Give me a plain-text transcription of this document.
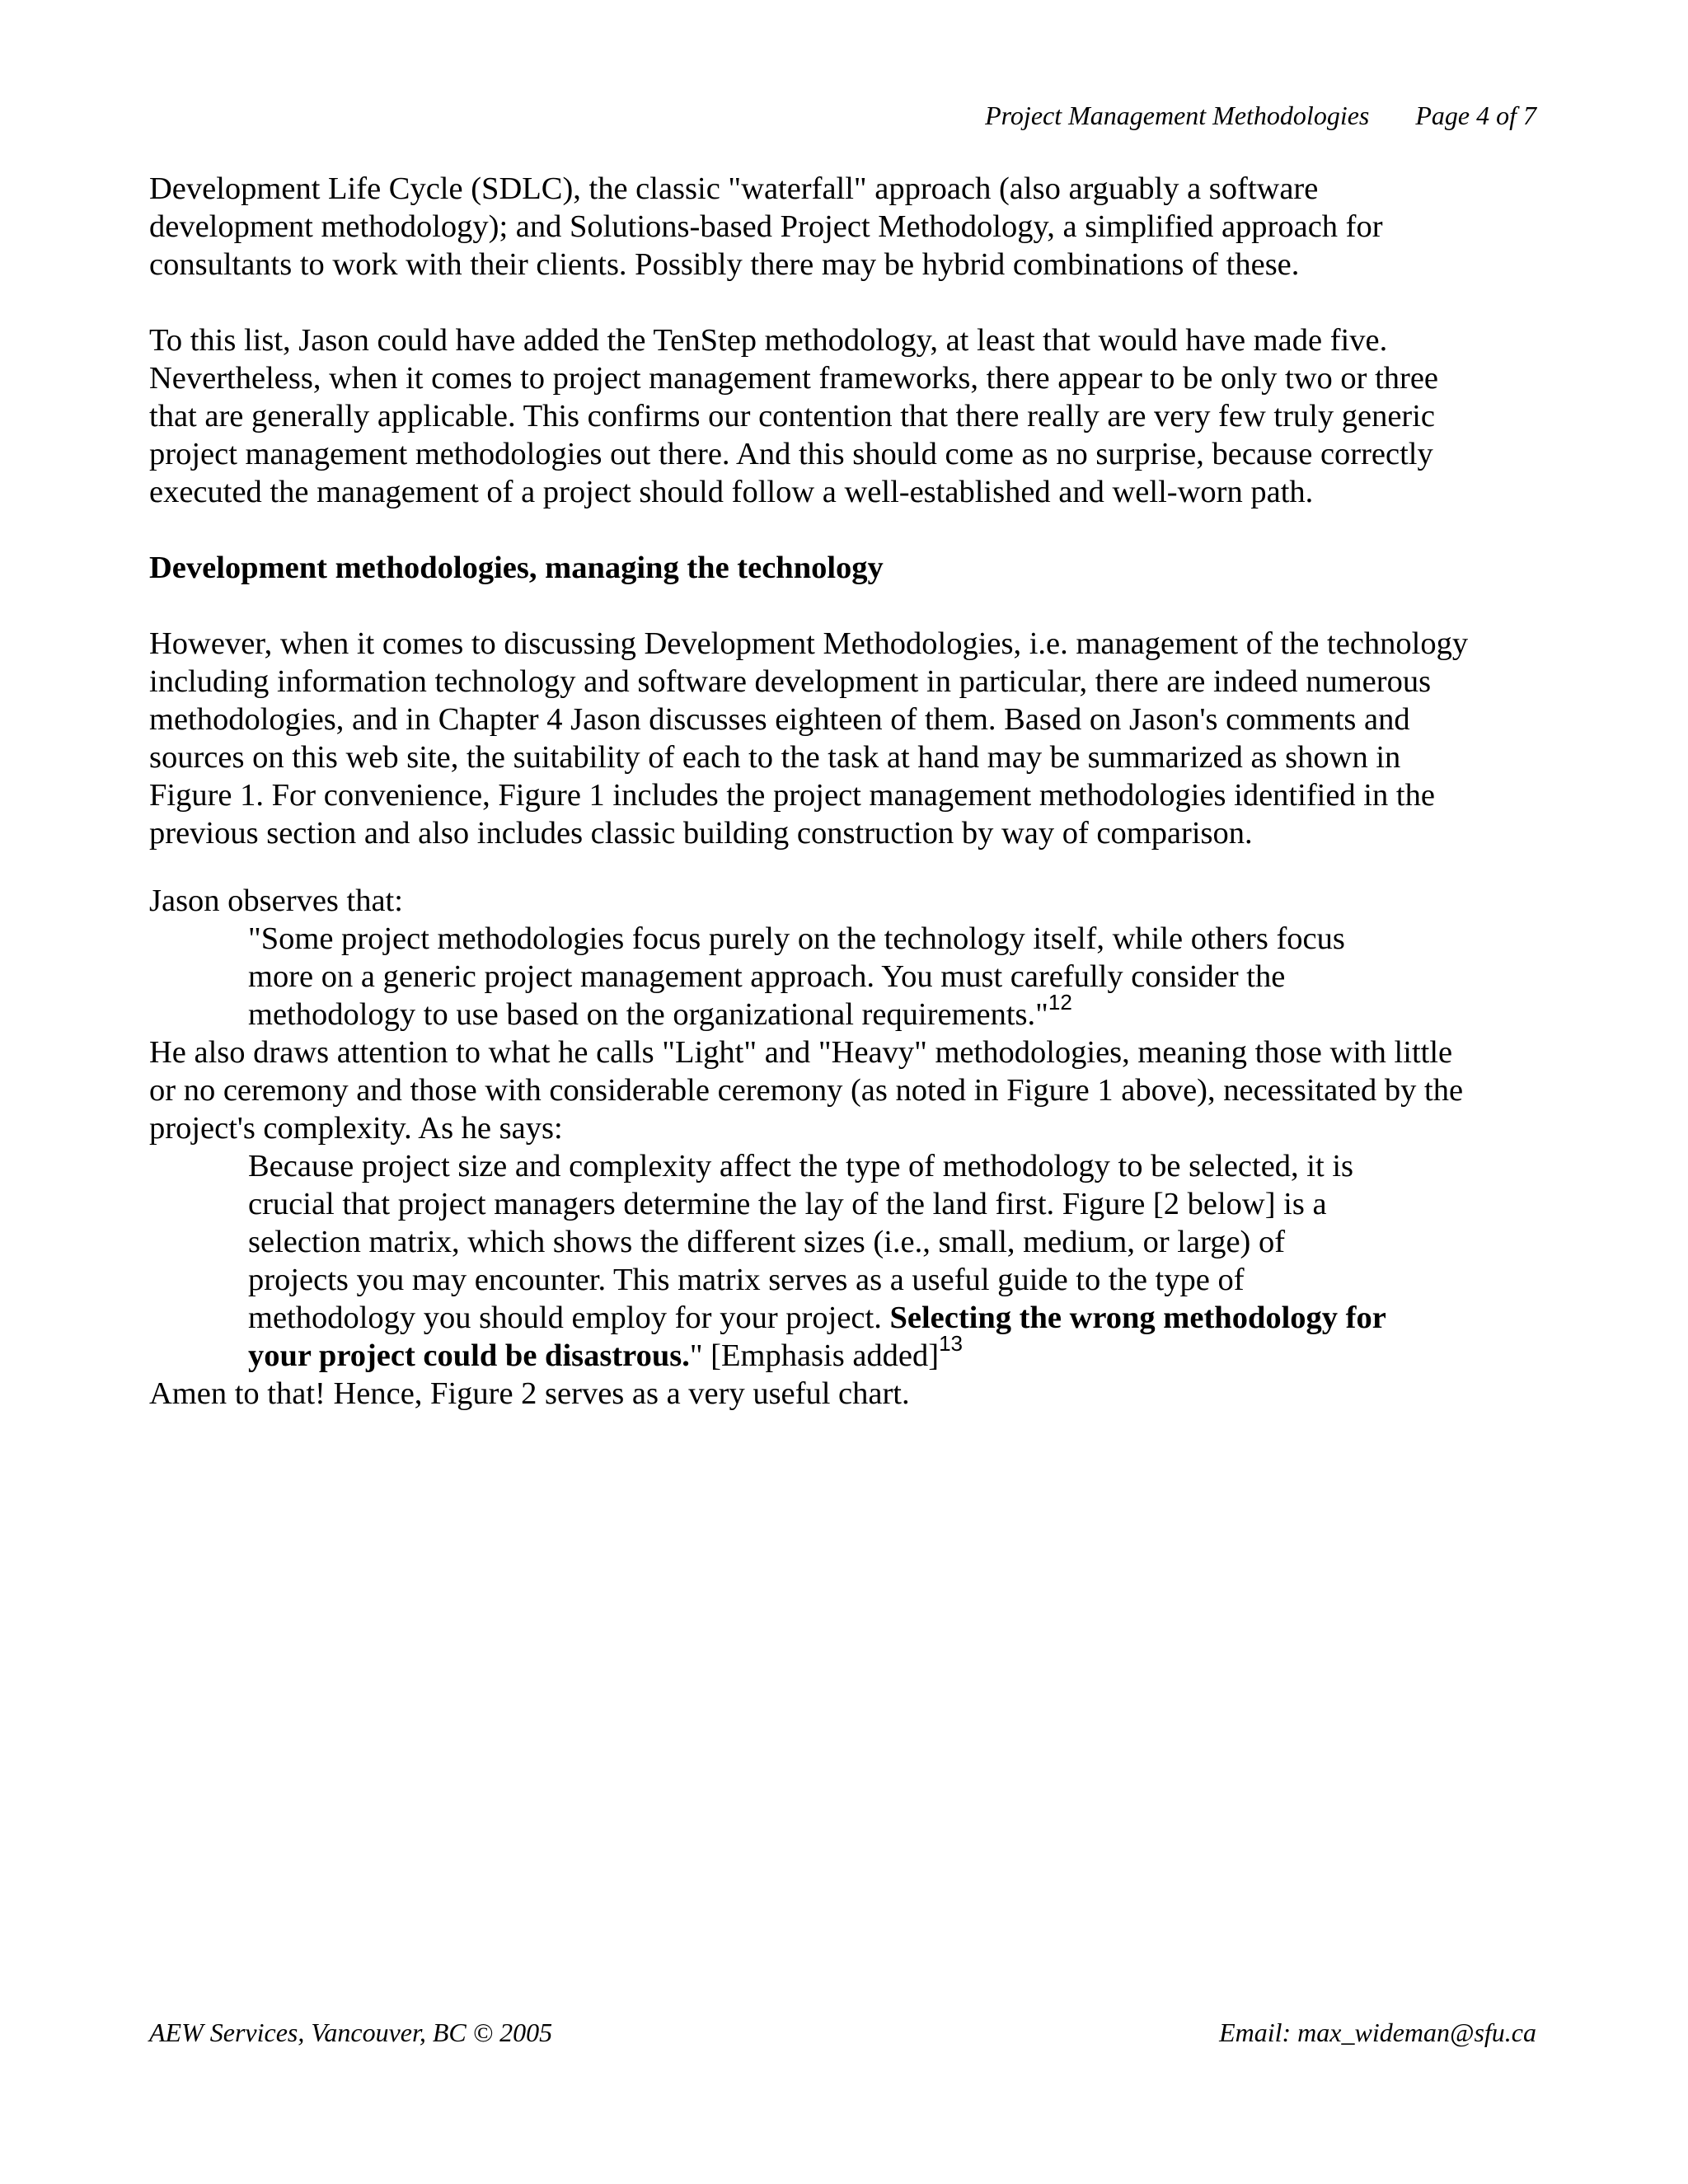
Project Management Methodologies Page 4 of 7

Development Life Cycle (SDLC), the classic "waterfall" approach (also arguably a software
development methodology); and Solutions-based Project Methodology, a simplified approach for
consultants to work with their clients. Possibly there may be hybrid combinations of these.

To this list, Jason could have added the TenStep methodology, at least that would have made five.
Nevertheless, when it comes to project management frameworks, there appear to be only two or three
that are generally applicable. This confirms our contention that there really are very few truly generic
project management methodologies out there. And this should come as no surprise, because correctly
executed the management of a project should follow a well-established and well-worn path.

Development methodologies, managing the technology

However, when it comes to discussing Development Methodologies, i.e. management of the technology
including information technology and software development in particular, there are indeed numerous
methodologies, and in Chapter 4 Jason discusses eighteen of them. Based on Jason's comments and
sources on this web site, the suitability of each to the task at hand may be summarized as shown in
Figure 1. For convenience, Figure 1 includes the project management methodologies identified in the
previous section and also includes classic building construction by way of comparison.

Jason observes that:

"Some project methodologies focus purely on the technology itself, while others focus
more on a generic project management approach. You must carefully consider the
methodology to use based on the organizational requirements."$^{12}$

He also draws attention to what he calls "Light" and "Heavy" methodologies, meaning those with little
or no ceremony and those with considerable ceremony (as noted in Figure 1 above), necessitated by the
project's complexity. As he says:

Because project size and complexity affect the type of methodology to be selected, it is
crucial that project managers determine the lay of the land first. Figure [2 below] is a
selection matrix, which shows the different sizes (i.e., small, medium, or large) of
projects you may encounter. This matrix serves as a useful guide to the type of
methodology you should employ for your project. Selecting the wrong methodology for
your project could be disastrous." [Emphasis added]$^{13}$

Amen to that! Hence, Figure 2 serves as a very useful chart.

AEW Services, Vancouver, BC © 2005	Email: max_wideman@sfu.ca
